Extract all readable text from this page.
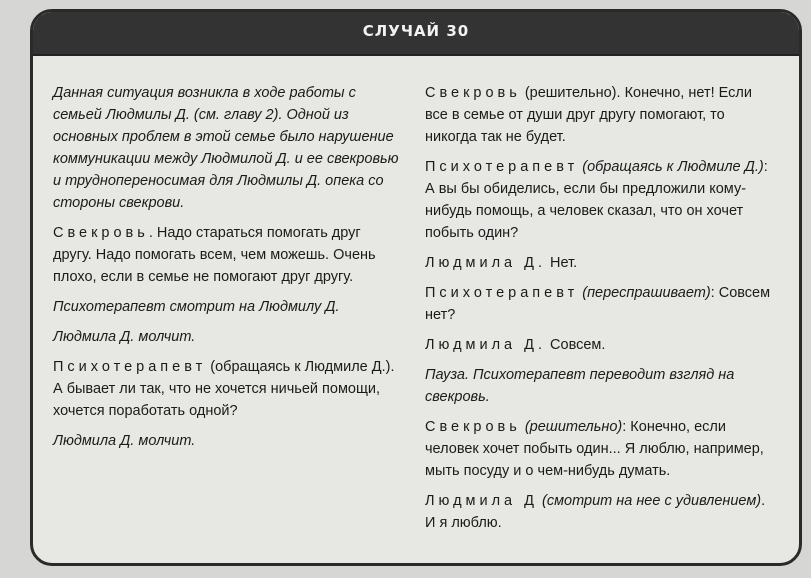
СЛУЧАЙ 30

Данная ситуация возникла в ходе работы с семьей Людмилы Д. (см. главу 2). Одной из основных проблем в этой семье было нарушение коммуникации между Людмилой Д. и ее свекровью и труднопереносимая для Людмилы Д. опека со стороны свекрови.

Свекровь. Надо стараться помогать друг другу. Надо помогать всем, чем можешь. Очень плохо, если в семье не помогают друг другу.

Психотерапевт смотрит на Людмилу Д.

Людмила Д. молчит.

Психотерапевт (обращаясь к Людмиле Д.). А бывает ли так, что не хочется ничьей помощи, хочется поработать одной?

Людмила Д. молчит.

Свекровь (решительно). Конечно, нет! Если все в семье от души друг другу помогают, то никогда так не будет.

Психотерапевт (обращаясь к Людмиле Д.): А вы бы обиделись, если бы предложили кому-нибудь помощь, а человек сказал, что он хочет побыть один?

Людмила Д. Нет.

Психотерапевт (переспрашивает): Совсем нет?

Людмила Д. Совсем.

Пауза. Психотерапевт переводит взгляд на свекровь.

Свекровь (решительно): Конечно, если человек хочет побыть один... Я люблю, например, мыть посуду и о чем-нибудь думать.

Людмила Д (смотрит на нее с удивлением). И я люблю.
